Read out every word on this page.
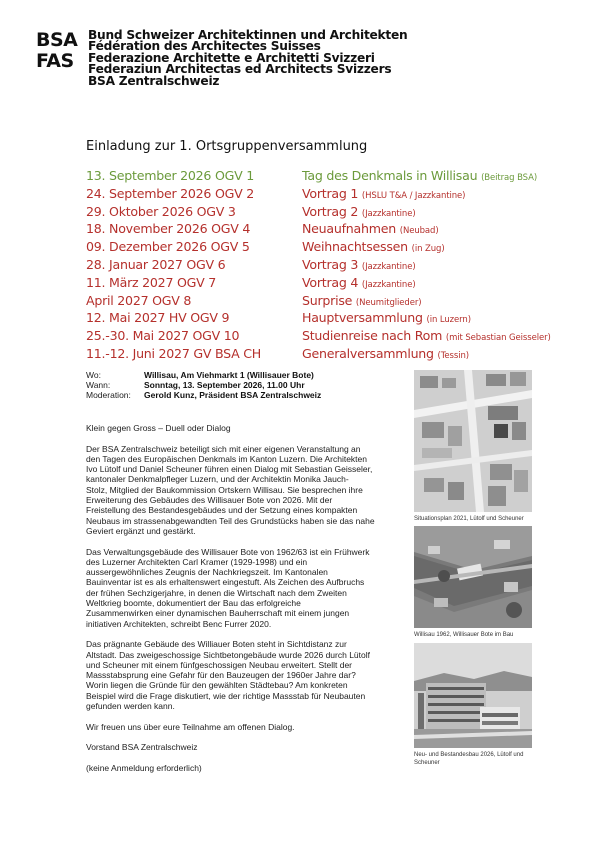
BSA
FAS
Bund Schweizer Architektinnen und Architekten
Fédération des Architectes Suisses
Federazione Architette e Architetti Svizzeri
Federaziun Architectas ed Architects Svizzers
BSA Zentralschweiz
Einladung zur 1. Ortsgruppenversammlung
13. September 2026 OGV 1	Tag des Denkmals in Willisau (Beitrag BSA)
24. September 2026 OGV 2	Vortrag 1 (HSLU T&A / Jazzkantine)
29. Oktober 2026 OGV 3	Vortrag 2 (Jazzkantine)
18. November 2026 OGV 4	Neuaufnahmen (Neubad)
09. Dezember 2026 OGV 5	Weihnachtsessen (in Zug)
28. Januar 2027 OGV 6	Vortrag 3 (Jazzkantine)
11. März 2027 OGV 7	Vortrag 4 (Jazzkantine)
April 2027 OGV 8	Surprise (Neumitglieder)
12. Mai 2027 HV OGV 9	Hauptversammlung (in Luzern)
25.-30. Mai 2027 OGV 10	Studienreise nach Rom (mit Sebastian Geisseler)
11.-12. Juni 2027 GV BSA CH	Generalversammlung (Tessin)
Wo:	Willisau, Am Viehmarkt 1 (Willisauer Bote)
Wann:	Sonntag, 13. September 2026, 11.00 Uhr
Moderation:	Gerold Kunz, Präsident BSA Zentralschweiz
Klein gegen Gross – Duell oder Dialog
Der BSA Zentralschweiz beteiligt sich mit einer eigenen Veranstaltung an
den Tagen des Europäischen Denkmals im Kanton Luzern. Die Architekten
Ivo Lütolf und Daniel Scheuner führen einen Dialog mit Sebastian Geisseler,
kantonaler Denkmalpfleger Luzern, und der Architektin Monika Jauch-
Stolz, Mitglied der Baukommission Ortskern Willisau. Sie besprechen ihre
Erweiterung des Gebäudes des Willisauer Bote von 2026. Mit der
Freistellung des Bestandesgebäudes und der Setzung eines kompakten
Neubaus im strassenabgewandten Teil des Grundstücks haben sie das nahe
Geviert ergänzt und gestärkt.
Das Verwaltungsgebäude des Willisauer Bote von 1962/63 ist ein Frühwerk
des Luzerner Architekten Carl Kramer (1929-1998) und ein
aussergewöhnliches Zeugnis der Nachkriegszeit. Im Kantonalen
Bauinventar ist es als erhaltenswert eingestuft. Als Zeichen des Aufbruchs
der frühen Sechzigerjahre, in denen die Wirtschaft nach dem Zweiten
Weltkrieg boomte, dokumentiert der Bau das erfolgreiche
Zusammenwirken einer dynamischen Bauherrschaft mit einem jungen
initiativen Architekten, schreibt Benc Furrer 2020.
Das prägnante Gebäude des Williauer Boten steht in Sichtdistanz zur
Altstadt. Das zweigeschossige Sichtbetongebäude wurde 2026 durch Lütolf
und Scheuner mit einem fünfgeschossigen Neubau erweitert. Stellt der
Massstabsprung eine Gefahr für den Bauzeugen der 1960er Jahre dar?
Worin liegen die Gründe für den gewählten Städtebau? Am konkreten
Beispiel wird die Frage diskutiert, wie der richtige Massstab für Neubauten
gefunden werden kann.
Wir freuen uns über eure Teilnahme am offenen Dialog.
Vorstand BSA Zentralschweiz
(keine Anmeldung erforderlich)
Situationsplan 2021, Lütolf und Scheuner
Willisau 1962, Willisauer Bote im Bau
Neu- und Bestandesbau 2026, Lütolf und Scheuner
